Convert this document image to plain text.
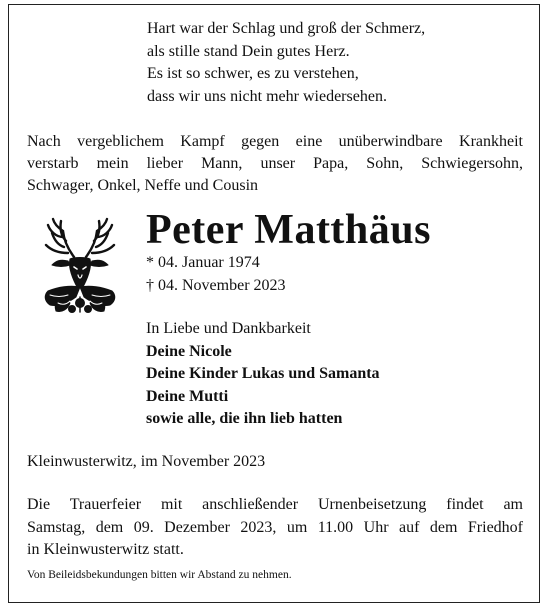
Hart war der Schlag und groß der Schmerz,
als stille stand Dein gutes Herz.
Es ist so schwer, es zu verstehen,
dass wir uns nicht mehr wiedersehen.
Nach vergeblichem Kampf gegen eine unüberwindbare Krankheit
verstarb mein lieber Mann, unser Papa, Sohn, Schwiegersohn,
Schwager, Onkel, Neffe und Cousin
Peter Matthäus
* 04. Januar 1974
† 04. November 2023
In Liebe und Dankbarkeit
Deine Nicole
Deine Kinder Lukas und Samanta
Deine Mutti
sowie alle, die ihn lieb hatten
Kleinwusterwitz, im November 2023
Die Trauerfeier mit anschließender Urnenbeisetzung findet am
Samstag, dem 09. Dezember 2023, um 11.00 Uhr auf dem Friedhof
in Kleinwusterwitz statt.
Von Beileidsbekundungen bitten wir Abstand zu nehmen.
